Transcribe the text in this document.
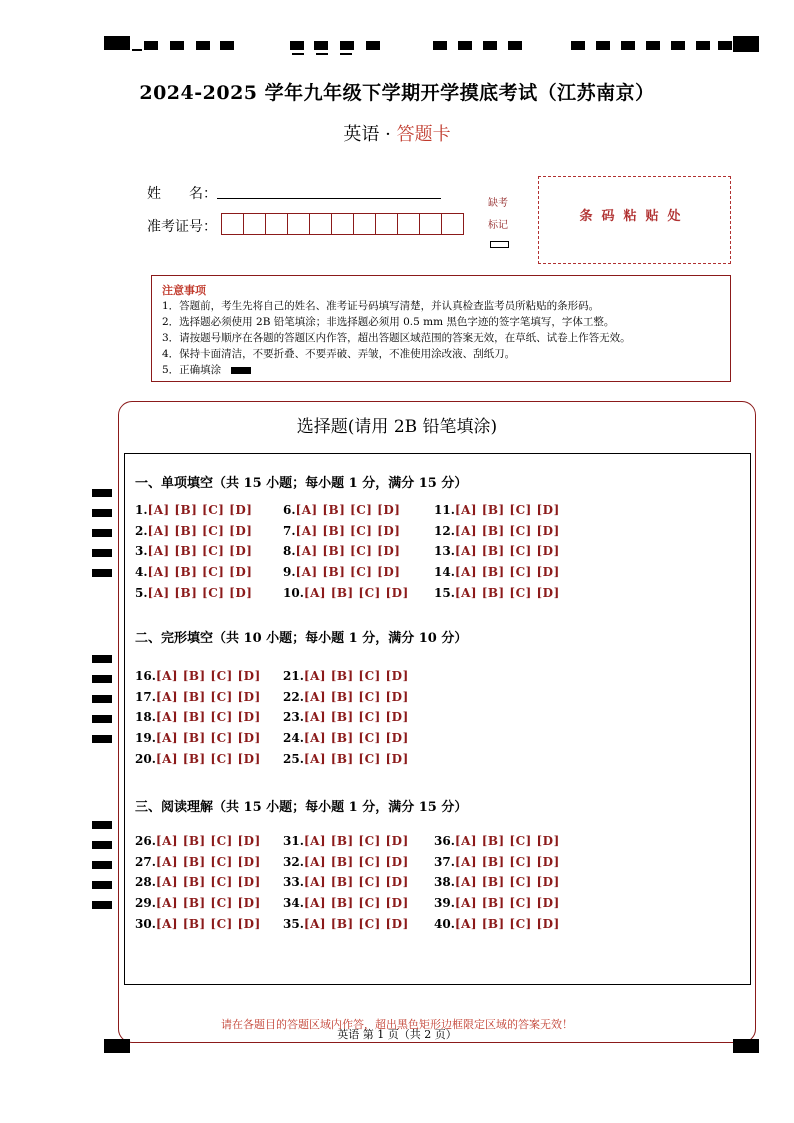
2024-2025 学年九年级下学期开学摸底考试（江苏南京）
英语 · 答题卡
姓　　名：
准考证号：
缺考
标记
条码粘贴处
注意事项
1．答题前，考生先将自己的姓名、准考证号码填写清楚，并认真检查监考员所粘贴的条形码。
2．选择题必须使用 2B 铅笔填涂；非选择题必须用 0.5 mm 黑色字迹的签字笔填写，字体工整。
3．请按题号顺序在各题的答题区内作答，超出答题区域范围的答案无效，在草纸、试卷上作答无效。
4．保持卡面清洁，不要折叠、不要弄破、弄皱，不准使用涂改液、刮纸刀。
5．正确填涂
选择题(请用 2B 铅笔填涂)
一、单项填空（共 15 小题；每小题 1 分，满分 15 分）
二、完形填空（共 10 小题；每小题 1 分，满分 10 分）
三、阅读理解（共 15 小题；每小题 1 分，满分 15 分）
1.[A] [B] [C] [D]
2.[A] [B] [C] [D]
3.[A] [B] [C] [D]
4.[A] [B] [C] [D]
5.[A] [B] [C] [D]
6.[A] [B] [C] [D]
7.[A] [B] [C] [D]
8.[A] [B] [C] [D]
9.[A] [B] [C] [D]
10.[A] [B] [C] [D]
11.[A] [B] [C] [D]
12.[A] [B] [C] [D]
13.[A] [B] [C] [D]
14.[A] [B] [C] [D]
15.[A] [B] [C] [D]
16.[A] [B] [C] [D]
17.[A] [B] [C] [D]
18.[A] [B] [C] [D]
19.[A] [B] [C] [D]
20.[A] [B] [C] [D]
21.[A] [B] [C] [D]
22.[A] [B] [C] [D]
23.[A] [B] [C] [D]
24.[A] [B] [C] [D]
25.[A] [B] [C] [D]
26.[A] [B] [C] [D]
27.[A] [B] [C] [D]
28.[A] [B] [C] [D]
29.[A] [B] [C] [D]
30.[A] [B] [C] [D]
31.[A] [B] [C] [D]
32.[A] [B] [C] [D]
33.[A] [B] [C] [D]
34.[A] [B] [C] [D]
35.[A] [B] [C] [D]
36.[A] [B] [C] [D]
37.[A] [B] [C] [D]
38.[A] [B] [C] [D]
39.[A] [B] [C] [D]
40.[A] [B] [C] [D]
请在各题目的答题区域内作答，超出黑色矩形边框限定区域的答案无效！
英语 第 1 页（共 2 页）
